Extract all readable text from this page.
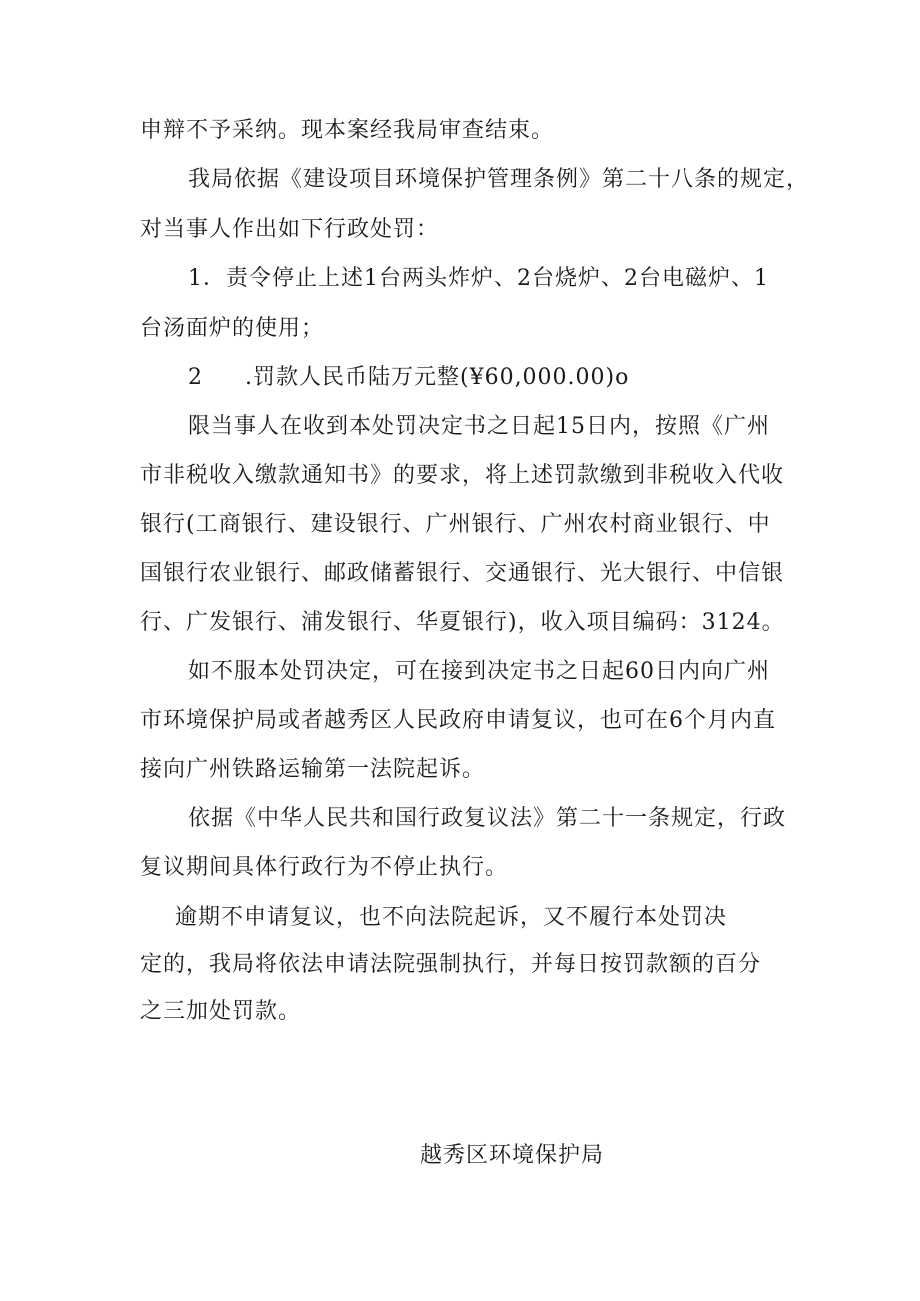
申辩不予采纳。现本案经我局审查结束。
我局依据《建设项目环境保护管理条例》第二十八条的规定，
对当事人作出如下行政处罚：
1．责令停止上述1台两头炸炉、2台烧炉、2台电磁炉、1
台汤面炉的使用；
2 .罚款人民币陆万元整(¥60,000.00)o
限当事人在收到本处罚决定书之日起15日内，按照《广州
市非税收入缴款通知书》的要求，将上述罚款缴到非税收入代收
银行(工商银行、建设银行、广州银行、广州农村商业银行、中
国银行农业银行、邮政储蓄银行、交通银行、光大银行、中信银
行、广发银行、浦发银行、华夏银行)，收入项目编码：3124。
如不服本处罚决定，可在接到决定书之日起60日内向广州
市环境保护局或者越秀区人民政府申请复议，也可在6个月内直
接向广州铁路运输第一法院起诉。
依据《中华人民共和国行政复议法》第二十一条规定，行政
复议期间具体行政行为不停止执行。
逾期不申请复议，也不向法院起诉，又不履行本处罚决
定的，我局将依法申请法院强制执行，并每日按罚款额的百分
之三加处罚款。
越秀区环境保护局
